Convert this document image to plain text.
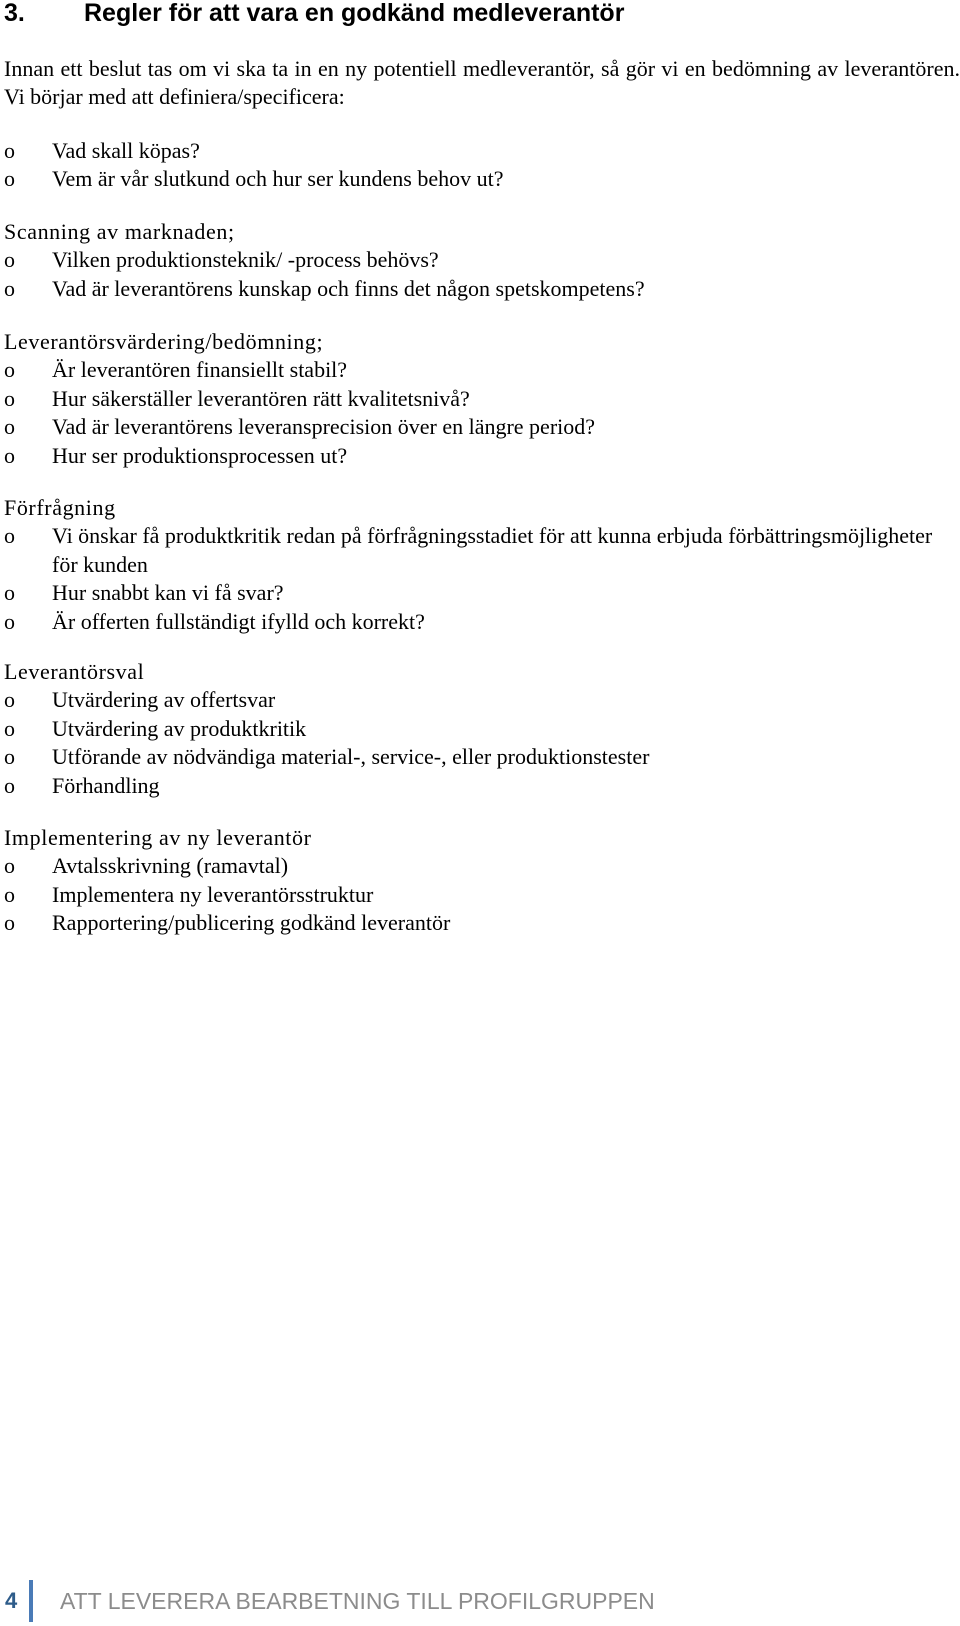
3. Regler för att vara en godkänd medleverantör
Innan ett beslut tas om vi ska ta in en ny potentiell medleverantör, så gör vi en bedömning av leverantören. Vi börjar med att definiera/specificera:
o Vad skall köpas?
o Vem är vår slutkund och hur ser kundens behov ut?
Scanning av marknaden;
o Vilken produktionsteknik/ -process behövs?
o Vad är leverantörens kunskap och finns det någon spetskompetens?
Leverantörsvärdering/bedömning;
o Är leverantören finansiellt stabil?
o Hur säkerställer leverantören rätt kvalitetsnivå?
o Vad är leverantörens leveransprecision över en längre period?
o Hur ser produktionsprocessen ut?
Förfrågning
o Vi önskar få produktkritik redan på förfrågningsstadiet för att kunna erbjuda förbättringsmöjligheter för kunden
o Hur snabbt kan vi få svar?
o Är offerten fullständigt ifylld och korrekt?
Leverantörsval
o Utvärdering av offertsvar
o Utvärdering av produktkritik
o Utförande av nödvändiga material-, service-, eller produktionstester
o Förhandling
Implementering av ny leverantör
o Avtalsskrivning (ramavtal)
o Implementera ny leverantörsstruktur
o Rapportering/publicering godkänd leverantör
4 ATT LEVERERA BEARBETNING TILL PROFILGRUPPEN
